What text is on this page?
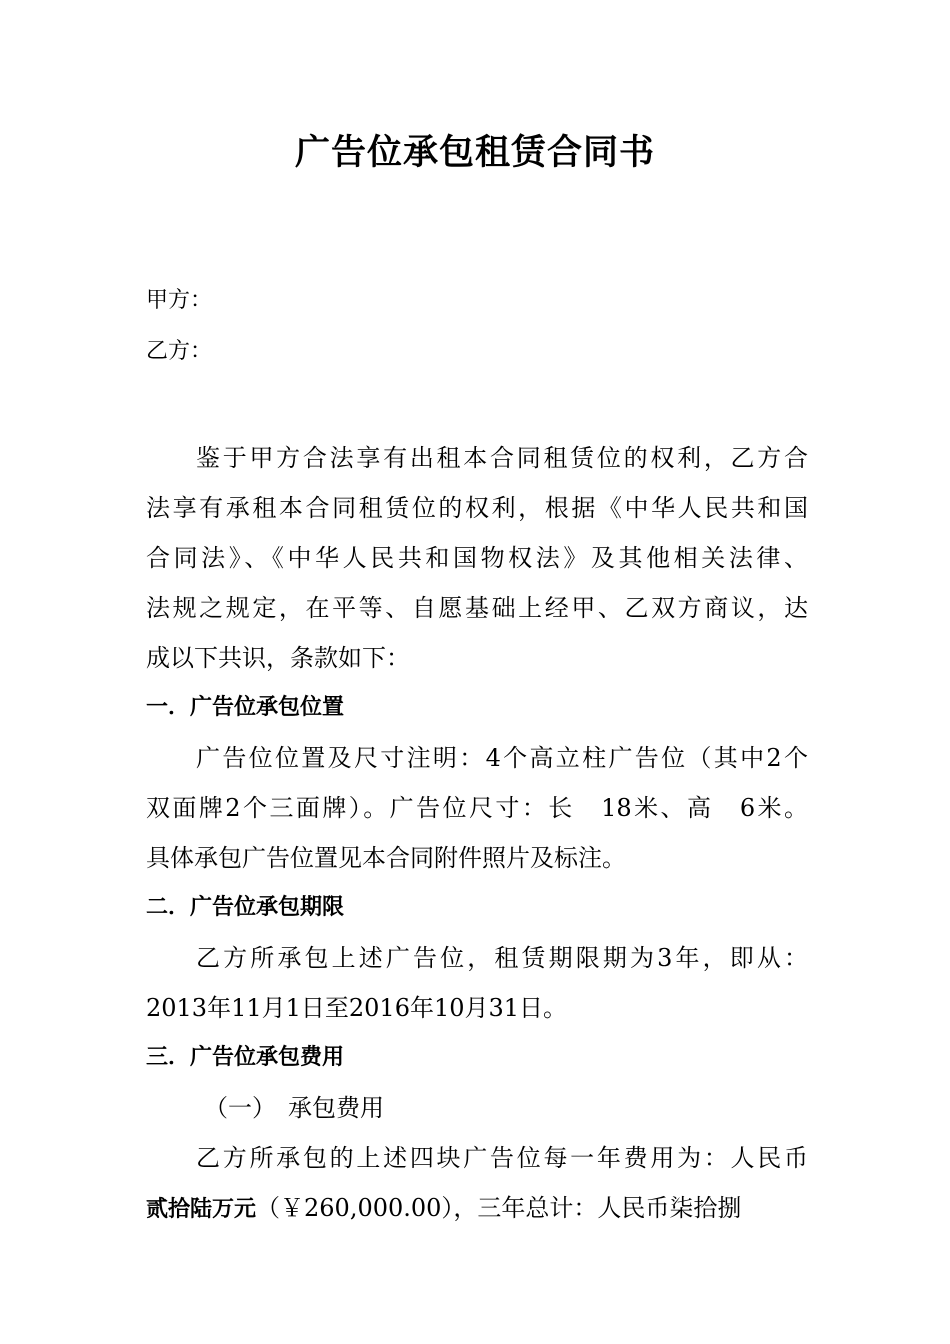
广告位承包租赁合同书
甲方：
乙方：
鉴于甲方合法享有出租本合同租赁位的权利，乙方合
法享有承租本合同租赁位的权利，根据《中华人民共和国
合同法》、《中华人民共和国物权法》及其他相关法律、
法规之规定，在平等、自愿基础上经甲、乙双方商议，达
成以下共识，条款如下：
一．广告位承包位置
广告位位置及尺寸注明：4个高立柱广告位（其中2个
双面牌2个三面牌）。广告位尺寸：长　18米、高　6米。
具体承包广告位置见本合同附件照片及标注。
二．广告位承包期限
乙方所承包上述广告位，租赁期限期为3年，即从：
2013年11月1日至2016年10月31日。
三．广告位承包费用
（一）　承包费用
乙方所承包的上述四块广告位每一年费用为：人民币
贰拾陆万元（￥260,000.00），三年总计：人民币柒拾捌
